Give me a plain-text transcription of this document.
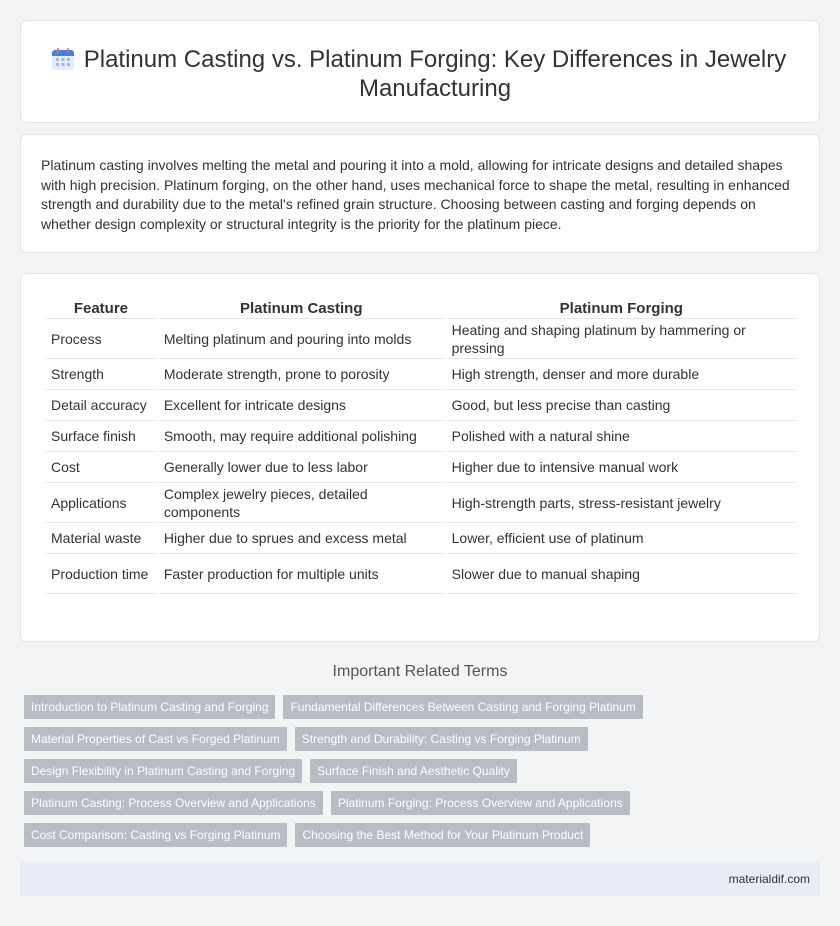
Platinum Casting vs. Platinum Forging: Key Differences in Jewelry Manufacturing

Platinum casting involves melting the metal and pouring it into a mold, allowing for intricate designs and detailed shapes with high precision. Platinum forging, on the other hand, uses mechanical force to shape the metal, resulting in enhanced strength and durability due to the metal's refined grain structure. Choosing between casting and forging depends on whether design complexity or structural integrity is the priority for the platinum piece.

Feature	Platinum Casting	Platinum Forging
Process	Melting platinum and pouring into molds	Heating and shaping platinum by hammering or pressing
Strength	Moderate strength, prone to porosity	High strength, denser and more durable
Detail accuracy	Excellent for intricate designs	Good, but less precise than casting
Surface finish	Smooth, may require additional polishing	Polished with a natural shine
Cost	Generally lower due to less labor	Higher due to intensive manual work
Applications	Complex jewelry pieces, detailed components	High-strength parts, stress-resistant jewelry
Material waste	Higher due to sprues and excess metal	Lower, efficient use of platinum
Production time	Faster production for multiple units	Slower due to manual shaping
Important Related Terms
Introduction to Platinum Casting and Forging	Fundamental Differences Between Casting and Forging Platinum
Material Properties of Cast vs Forged Platinum	Strength and Durability: Casting vs Forging Platinum
Design Flexibility in Platinum Casting and Forging	Surface Finish and Aesthetic Quality
Platinum Casting: Process Overview and Applications	Platinum Forging: Process Overview and Applications
Cost Comparison: Casting vs Forging Platinum	Choosing the Best Method for Your Platinum Product
materialdif.com
